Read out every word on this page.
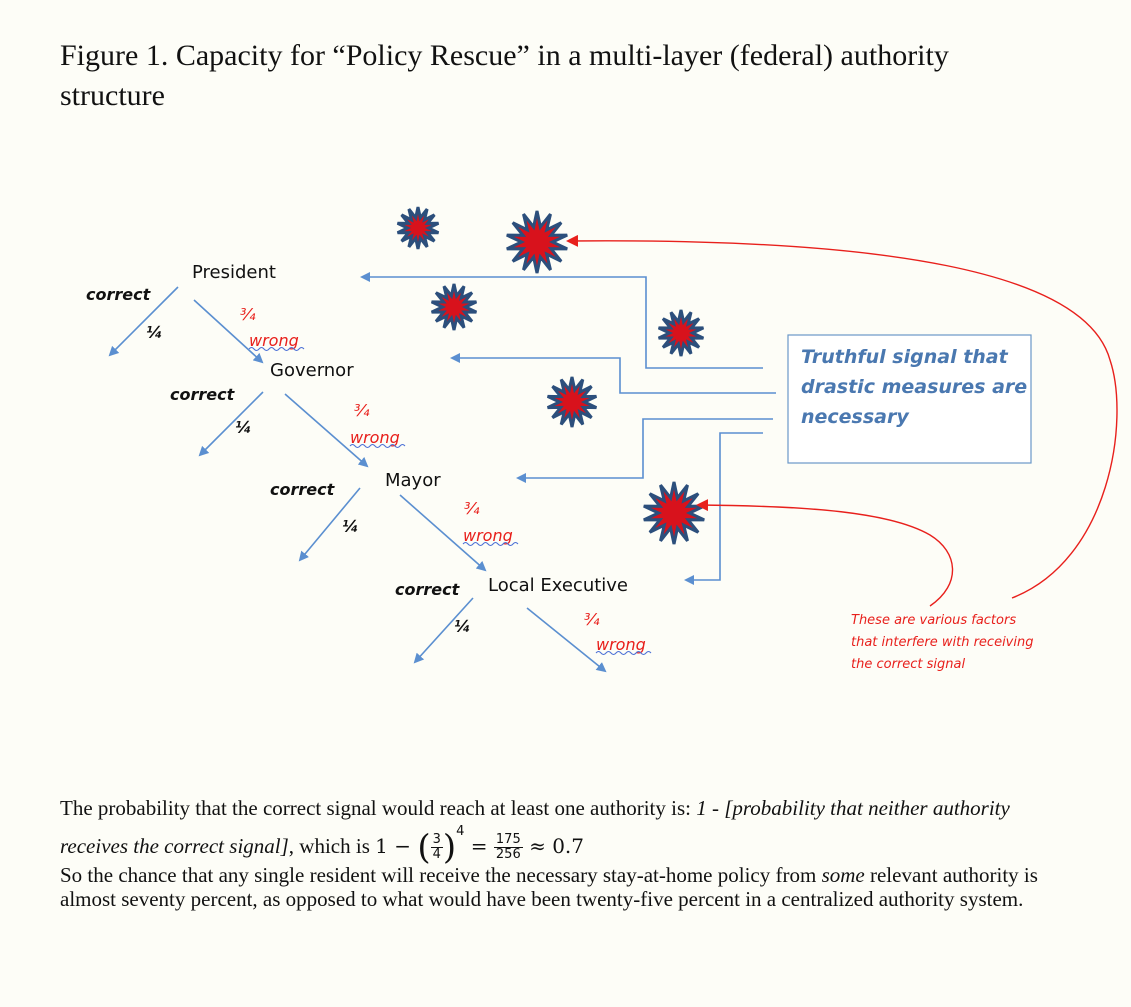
Figure 1. Capacity for “Policy Rescue” in a multi-layer (federal) authority structure
Truthful signal that
drastic measures are
necessary
President
Governor
Mayor
Local Executive
correct
¼
¾
wrong
correct
¼
¾
wrong
correct
¼
¾
wrong
correct
¼	¾
wrong
These are various factors
that interfere with receiving
the correct signal

The probability that the correct signal would reach at least one authority is: 1 - [probability that neither authority receives the correct signal], which is 1 − ( $\frac{3}{4} )^4 = \frac{175}{256} \approx 0.7$

So the chance that any single resident will receive the necessary stay-at-home policy from some relevant authority is almost seventy percent, as opposed to what would have been twenty-five percent in a centralized authority system.
